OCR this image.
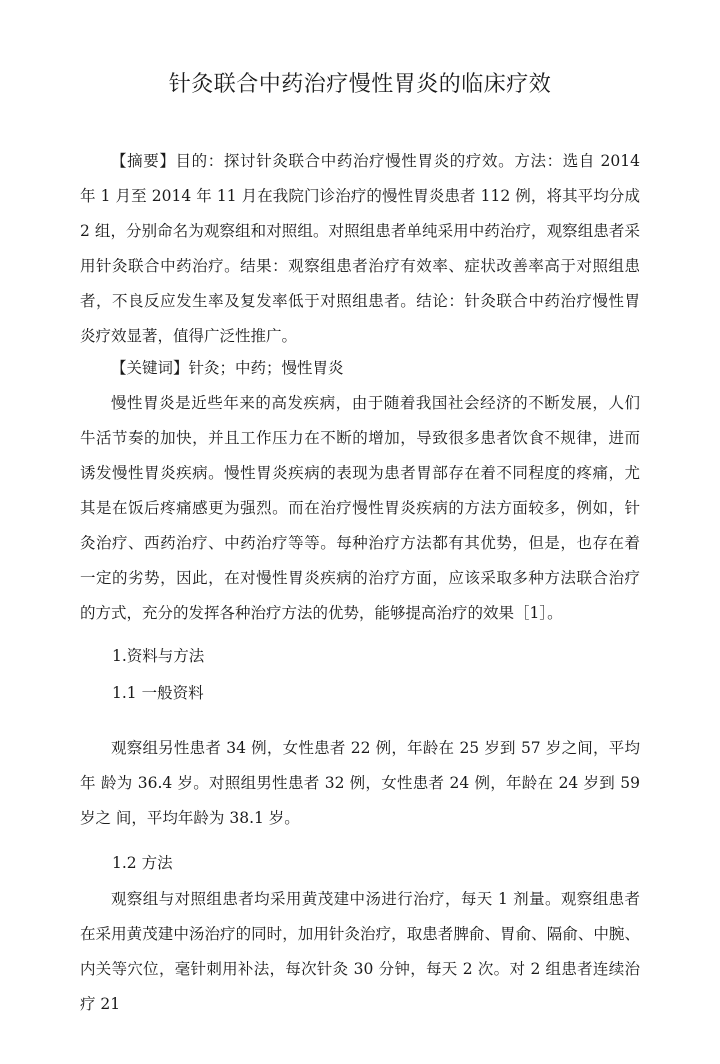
针灸联合中药治疗慢性胃炎的临床疗效

【摘要】目的：探讨针灸联合中药治疗慢性胃炎的疗效。方法：选自 2014 年 1 月至 2014 年 11 月在我院门诊治疗的慢性胃炎患者 112 例，将其平均分成 2 组，分别命名为观察组和对照组。对照组患者单纯采用中药治疗，观察组患者采 用针灸联合中药治疗。结果：观察组患者治疗有效率、症状改善率高于对照组患 者，不良反应发生率及复发率低于对照组患者。结论：针灸联合中药治疗慢性胃 炎疗效显著，值得广泛性推广。

【关键词】针灸；中药；慢性胃炎

慢性胃炎是近些年来的高发疾病，由于随着我国社会经济的不断发展，人们 牛活节奏的加快，并且工作压力在不断的增加，导致很多患者饮食不规律，进而 诱发慢性胃炎疾病。慢性胃炎疾病的表现为患者胃部存在着不同程度的疼痛，尤 其是在饭后疼痛感更为强烈。而在治疗慢性胃炎疾病的方法方面较多，例如，针 灸治疗、西药治疗、中药治疗等等。每种治疗方法都有其优势，但是，也存在着 一定的劣势，因此，在对慢性胃炎疾病的治疗方面，应该采取多种方法联合治疗 的方式，充分的发挥各种治疗方法的优势，能够提高治疗的效果［1］。

1.资料与方法

1.1 一般资料

观察组另性患者 34 例，女性患者 22 例，年龄在 25 岁到 57 岁之间，平均年 龄为 36.4 岁。对照组男性患者 32 例，女性患者 24 例，年龄在 24 岁到 59 岁之 间，平均年龄为 38.1 岁。

1.2 方法

观察组与对照组患者均采用黄茂建中汤进行治疗，每天 1 剂量。观察组患者 在采用黄茂建中汤治疗的同时，加用针灸治疗，取患者脾俞、胃俞、隔俞、中腕、 内关等穴位，毫针刺用补法，每次针灸 30 分钟，每天 2 次。对 2 组患者连续治 疗 21
